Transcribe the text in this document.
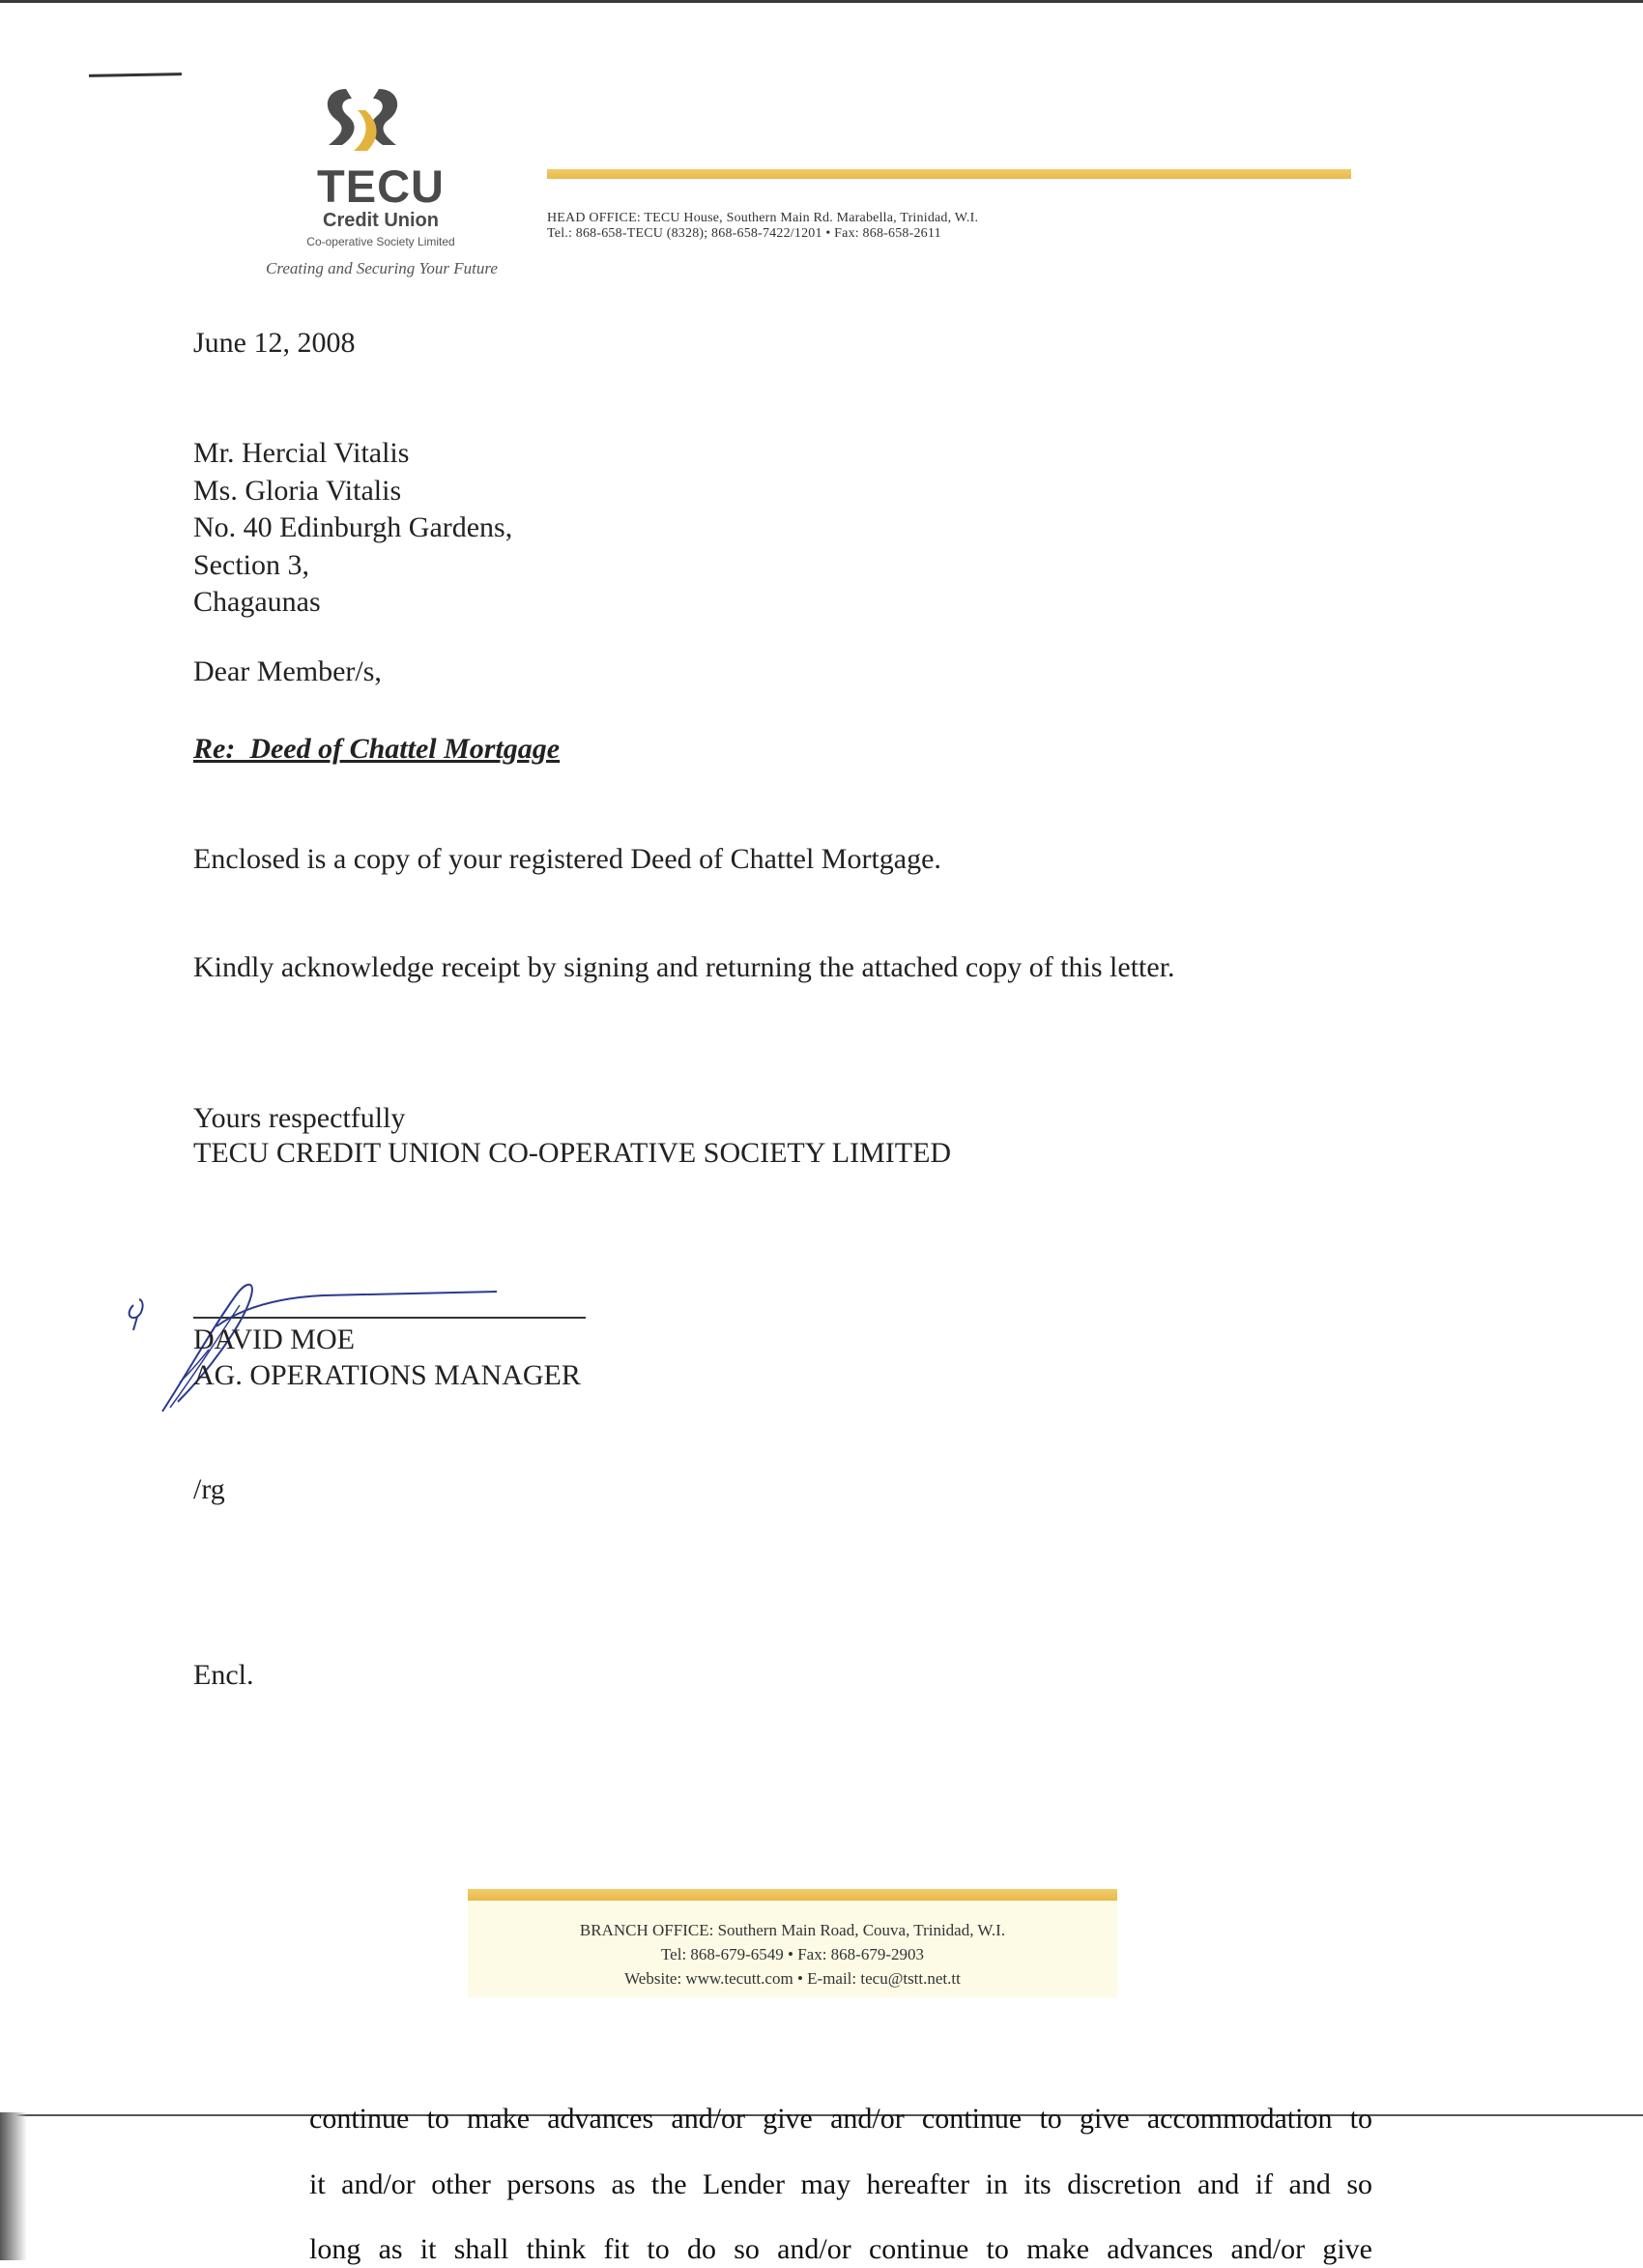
TECU
Credit Union
Co-operative Society Limited
Creating and Securing Your Future
HEAD OFFICE: TECU House, Southern Main Rd. Marabella, Trinidad, W.I.
Tel.: 868-658-TECU (8328); 868-658-7422/1201 • Fax: 868-658-2611
June 12, 2008
Mr. Hercial Vitalis
Ms. Gloria Vitalis
No. 40 Edinburgh Gardens,
Section 3,
Chagaunas
Dear Member/s,
Re:  Deed of Chattel Mortgage
Enclosed is a copy of your registered Deed of Chattel Mortgage.
Kindly acknowledge receipt by signing and returning the attached copy of this letter.
Yours respectfully
TECU CREDIT UNION CO-OPERATIVE SOCIETY LIMITED
DAVID MOE
AG. OPERATIONS MANAGER
/rg
Encl.
BRANCH OFFICE: Southern Main Road, Couva, Trinidad, W.I.
Tel: 868-679-6549 • Fax: 868-679-2903
Website: www.tecutt.com • E-mail: tecu@tstt.net.tt
continue to make advances and/or give and/or continue to give accommodation to
it and/or other persons as the Lender may hereafter in its discretion and if and so
long as it shall think fit to do so and/or continue to make advances and/or give
